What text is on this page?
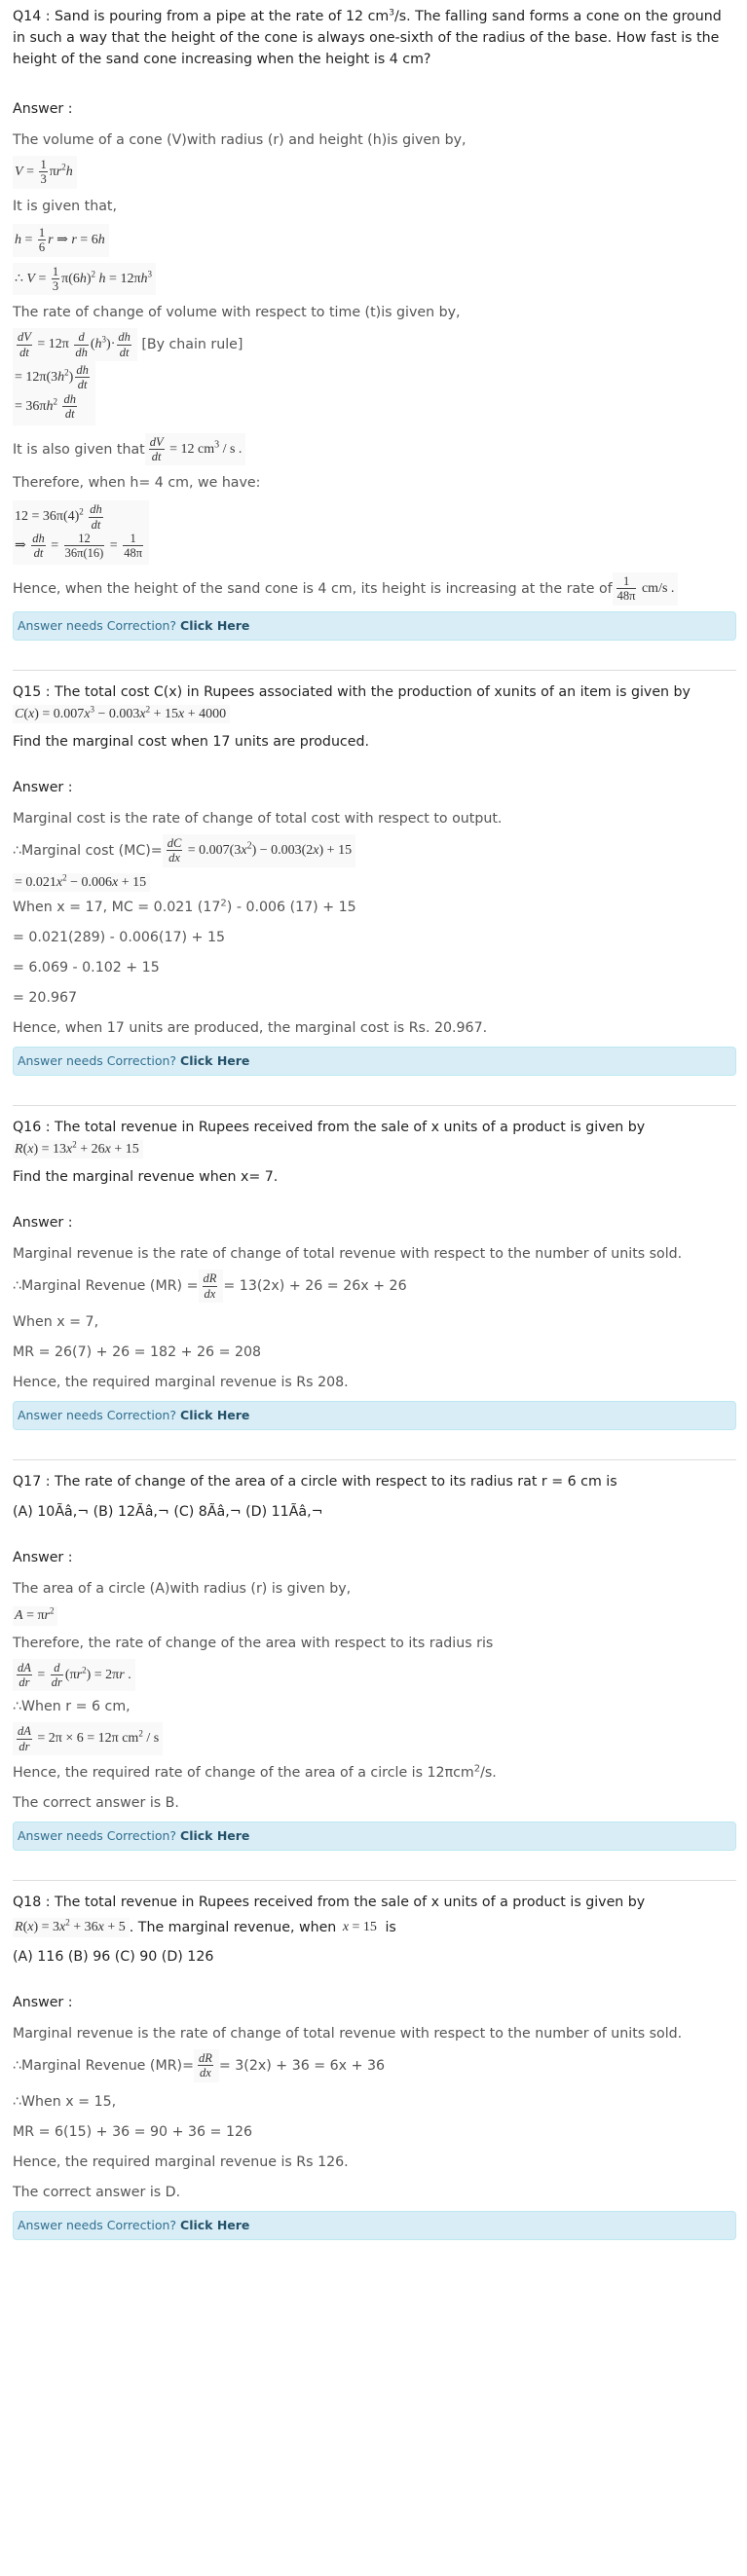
Q14 : Sand is pouring from a pipe at the rate of 12 $cm^3/s$. The falling sand forms a cone on the ground in such a way that the height of the cone is always one-sixth of the radius of the base. How fast is the height of the sand cone increasing when the height is 4 cm?

Answer :

The volume of a cone (V)with radius (r) and height (h)is given by,

$V = \frac{1}{3} \pi r^2h$

It is given that,

$h = \frac{1}{6}$ r ⇒ r = 6h
∴ $V = \frac{1}{3} \pi(6h)^2$ $h = 12\pi h^3$

The rate of change of volume with respect to time (t)is given by,

$\frac{dV}{dt} = 12\pi \frac{d}{dh} (h^3)\cdot \frac{dh}{dt} [By$ chain rule]
= $12\pi(3h^2) \frac{dh}{dt}$

= $36\pi h^2 \frac{dh}{dt}$

It is also given that $\frac{dV}{dt} = 12$ $cm^3$ / s .

Therefore, when h= 4 cm, we have:

$12 = 36\pi(4)^2 \frac{dh}{dt}$

⇒ $\frac{dh}{dt} = \frac{12}{36\pi(16)} = \frac{1}{48\pi}$

Hence, when the height of the sand cone is 4 cm, its height is increasing at the rate of $\frac{1}{48\pi} cm/s$ .

Answer needs Correction? Click Here

Q15 : The total cost C(x) in Rupees associated with the production of xunits of an item is given by

$C(x) = 0.007x^3 - 0.003x^2 + 15x + 4000$

Find the marginal cost when 17 units are produced.

Answer :

Marginal cost is the rate of change of total cost with respect to output.

∴Marginal cost $(MC)= \frac{dC}{dx} = 0.007(3x^2) - 0.003(2x) + 15$

= $0.021x^2 - 0.006x + 15$

When x = 17, MC = 0.021 $(17^2) - 0.006$ (17) + 15

= 0.021(289) - 0.006(17) + 15

= 6.069 - 0.102 + 15

= 20.967

Hence, when 17 units are produced, the marginal cost is Rs. 20.967.

Answer needs Correction? Click Here

Q16 : The total revenue in Rupees received from the sale of x units of a product is given by

$R(x) = 13x^2 + 26x + 15$

Find the marginal revenue when x= 7.

Answer :

Marginal revenue is the rate of change of total revenue with respect to the number of units sold.

∴Marginal Revenue $(MR) = \frac{dR}{dx} = 13(2x) + 26 = 26x + 26$

When x = 7,

MR = 26(7) + 26 = 182 + 26 = 208

Hence, the required marginal revenue is Rs 208.

Answer needs Correction? Click Here

Q17 : The rate of change of the area of a circle with respect to its radius rat r = 6 cm is

(A) 10Ãâ,¬ (B) 12Ãâ,¬ (C) 8Ãâ,¬ (D) 11Ãâ,¬

Answer :

The area of a circle (A)with radius (r) is given by,

$A = \pi r^2$

Therefore, the rate of change of the area with respect to its radius ris

$\frac{dA}{dr} = \frac{d}{dr} (\pi r^2) = 2\pi r$ .

∴When r = 6 cm,

$\frac{dA}{dr} = 2\pi \times 6 = 12\pi$ $cm^2$ / s

Hence, the required rate of change of the area of a circle is 12πcm$^2$/s.

The correct answer is B.

Answer needs Correction? Click Here

Q18 : The total revenue in Rupees received from the sale of x units of a product is given by

$R(x) = 3x^2 + 36x + 5$ . The marginal revenue, when x = 15 is

(A) 116 (B) 96 (C) 90 (D) 126

Answer :

Marginal revenue is the rate of change of total revenue with respect to the number of units sold.

∴Marginal Revenue $(MR)= \frac{dR}{dx} = 3(2x) + 36 = 6x + 36$

∴When x = 15,

MR = 6(15) + 36 = 90 + 36 = 126

Hence, the required marginal revenue is Rs 126.

The correct answer is D.

Answer needs Correction? Click Here
